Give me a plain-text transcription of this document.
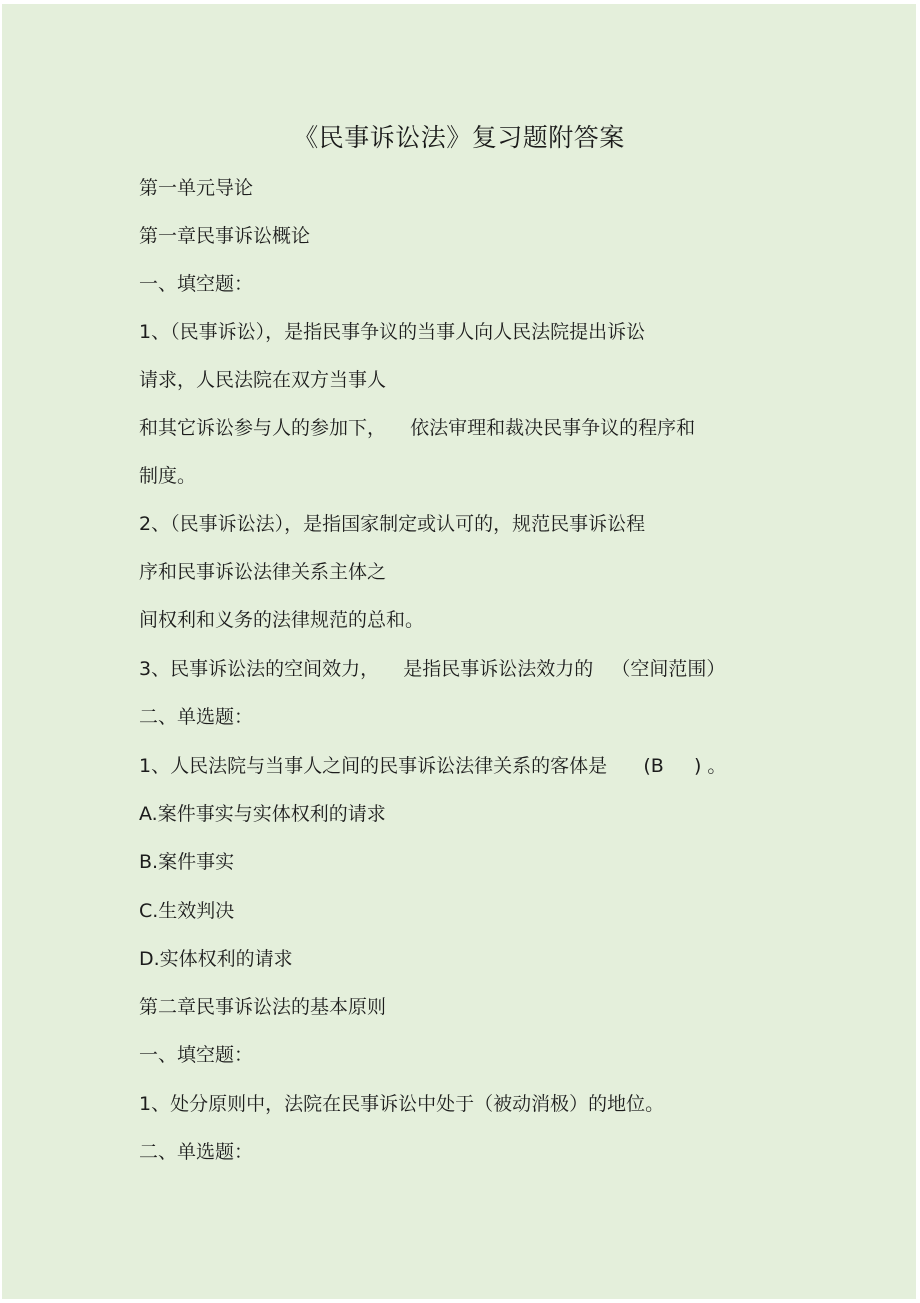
《民事诉讼法》复习题附答案

第一单元导论

第一章民事诉讼概论

一、填空题：

1、（民事诉讼），是指民事争议的当事人向人民法院提出诉讼

请求，人民法院在双方当事人

和其它诉讼参与人的参加下，    依法审理和裁决民事争议的程序和

制度。

2、（民事诉讼法），是指国家制定或认可的，规范民事诉讼程

序和民事诉讼法律关系主体之

间权利和义务的法律规范的总和。

3、民事诉讼法的空间效力，    是指民事诉讼法效力的   （空间范围）

二、单选题：

1、人民法院与当事人之间的民事诉讼法律关系的客体是      (B     ) 。

A.案件事实与实体权利的请求

B.案件事实

C.生效判决

D.实体权利的请求

第二章民事诉讼法的基本原则

一、填空题：

1、处分原则中，法院在民事诉讼中处于（被动消极）的地位。

二、单选题：
